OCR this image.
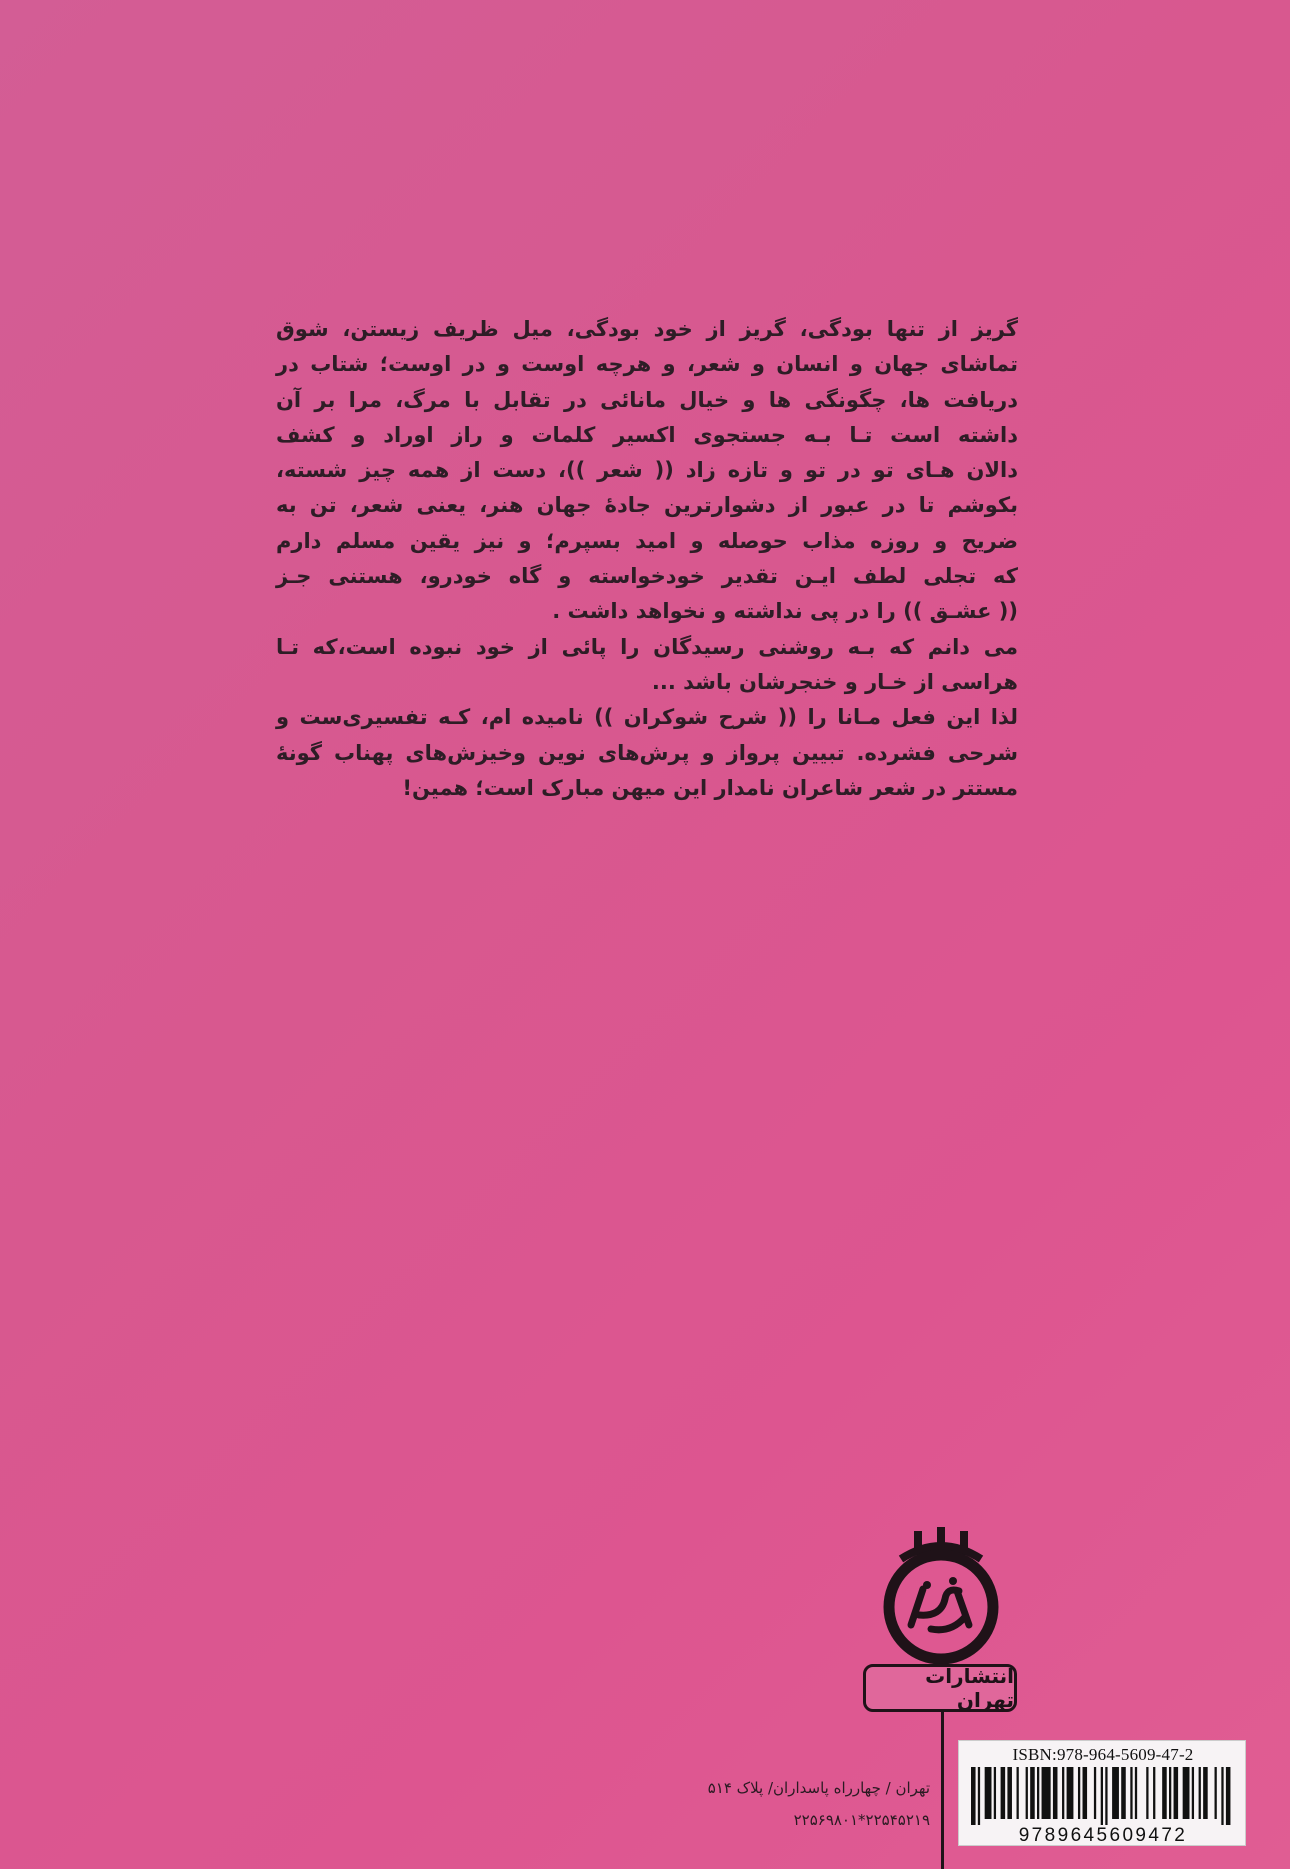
گریز از تنها بودگی، گریز از خود بودگی، میل ظریف زیستن، شوق
تماشای جهان و انسان و شعر، و هرچه اوست و در اوست؛ شتاب در
دریافت ها، چگونگی ها و خیال مانائی در تقابل با مرگ، مرا بر آن
داشته است تـا بـه جستجوی اکسیر کلمات و راز اوراد و کشف
دالان هـای تو در تو و تازه زاد (( شعر ))، دست از همه چیز شسته،
بکوشم تا در عبور از دشوارترین جادۀ جهان هنر، یعنی شعر، تن به
ضریح و روزه مذاب حوصله و امید بسپرم؛ و نیز یقین مسلم دارم
که تجلی لطف ایـن تقدیر خودخواسته و گاه خودرو، هستنی جـز
(( عشـق )) را در پی نداشته و نخواهد داشت .
می دانم که بـه روشنی رسیدگان را پائی از خود نبوده است،که تـا
هراسی از خـار و خنجرشان باشد ...
لذا این فعل مـانا را (( شرح شوکران )) نامیده ام، کـه تفسیری‌ست و
شرحی فشرده. تبیین پرواز و پرش‌های نوین وخیزش‌های پهناب گونۀ
مستتر در شعر شاعران نامدار این میهن مبارک است؛ همین!
انتشارات تهران
تهران / چهارراه پاسداران/ پلاک ۵۱۴
۲۲۵۴۵۲۱۹*۲۲۵۶۹۸۰۱
ISBN:978-964-5609-47-2
9789645609472
